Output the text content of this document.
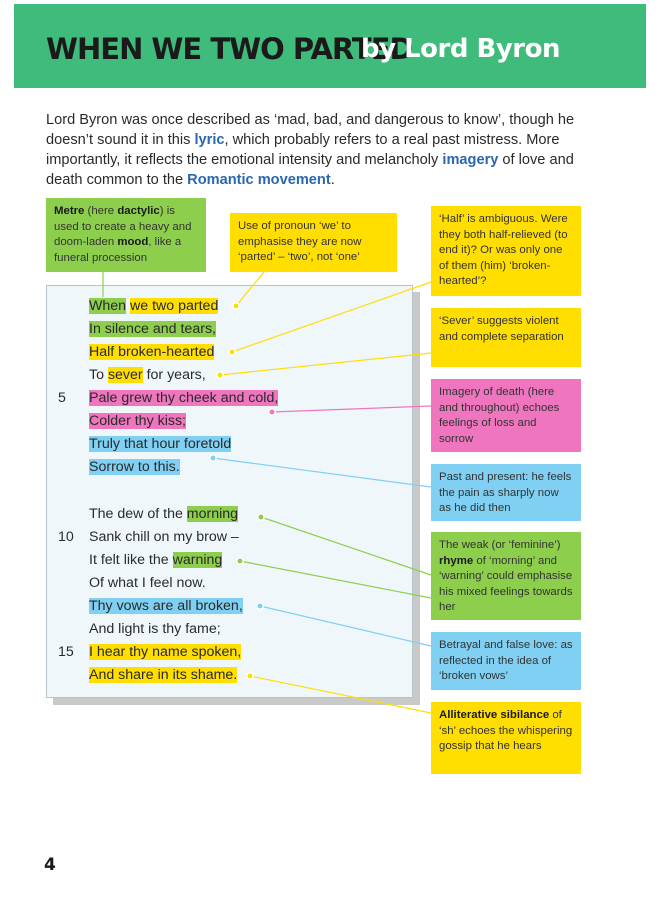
WHEN WE TWO PARTED
by Lord Byron
Lord Byron was once described as ‘mad, bad, and dangerous to know’, though he doesn’t sound it in this lyric, which probably refers to a real past mistress. More importantly, it reflects the emotional intensity and melancholy imagery of love and death common to the Romantic movement.
When we two parted
In silence and tears,
Half broken-hearted
To sever for years,
5 Pale grew thy cheek and cold,
Colder thy kiss;
Truly that hour foretold
Sorrow to this.
The dew of the morning
10 Sank chill on my brow –
It felt like the warning
Of what I feel now.
Thy vows are all broken,
And light is thy fame;
15 I hear thy name spoken,
And share in its shame.
Metre (here dactylic) is used to create a heavy and doom-laden mood, like a funeral procession
Use of pronoun ‘we’ to emphasise they are now ‘parted’ – ‘two’, not ‘one’
‘Half’ is ambiguous. Were they both half-relieved (to end it)? Or was only one of them (him) ‘broken-hearted’?
‘Sever’ suggests violent and complete separation
Imagery of death (here and throughout) echoes feelings of loss and sorrow
Past and present: he feels the pain as sharply now as he did then
The weak (or ‘feminine’) rhyme of ‘morning’ and ‘warning’ could emphasise his mixed feelings towards her
Betrayal and false love: as reflected in the idea of ‘broken vows’
Alliterative sibilance of ‘sh’ echoes the whispering gossip that he hears
4
